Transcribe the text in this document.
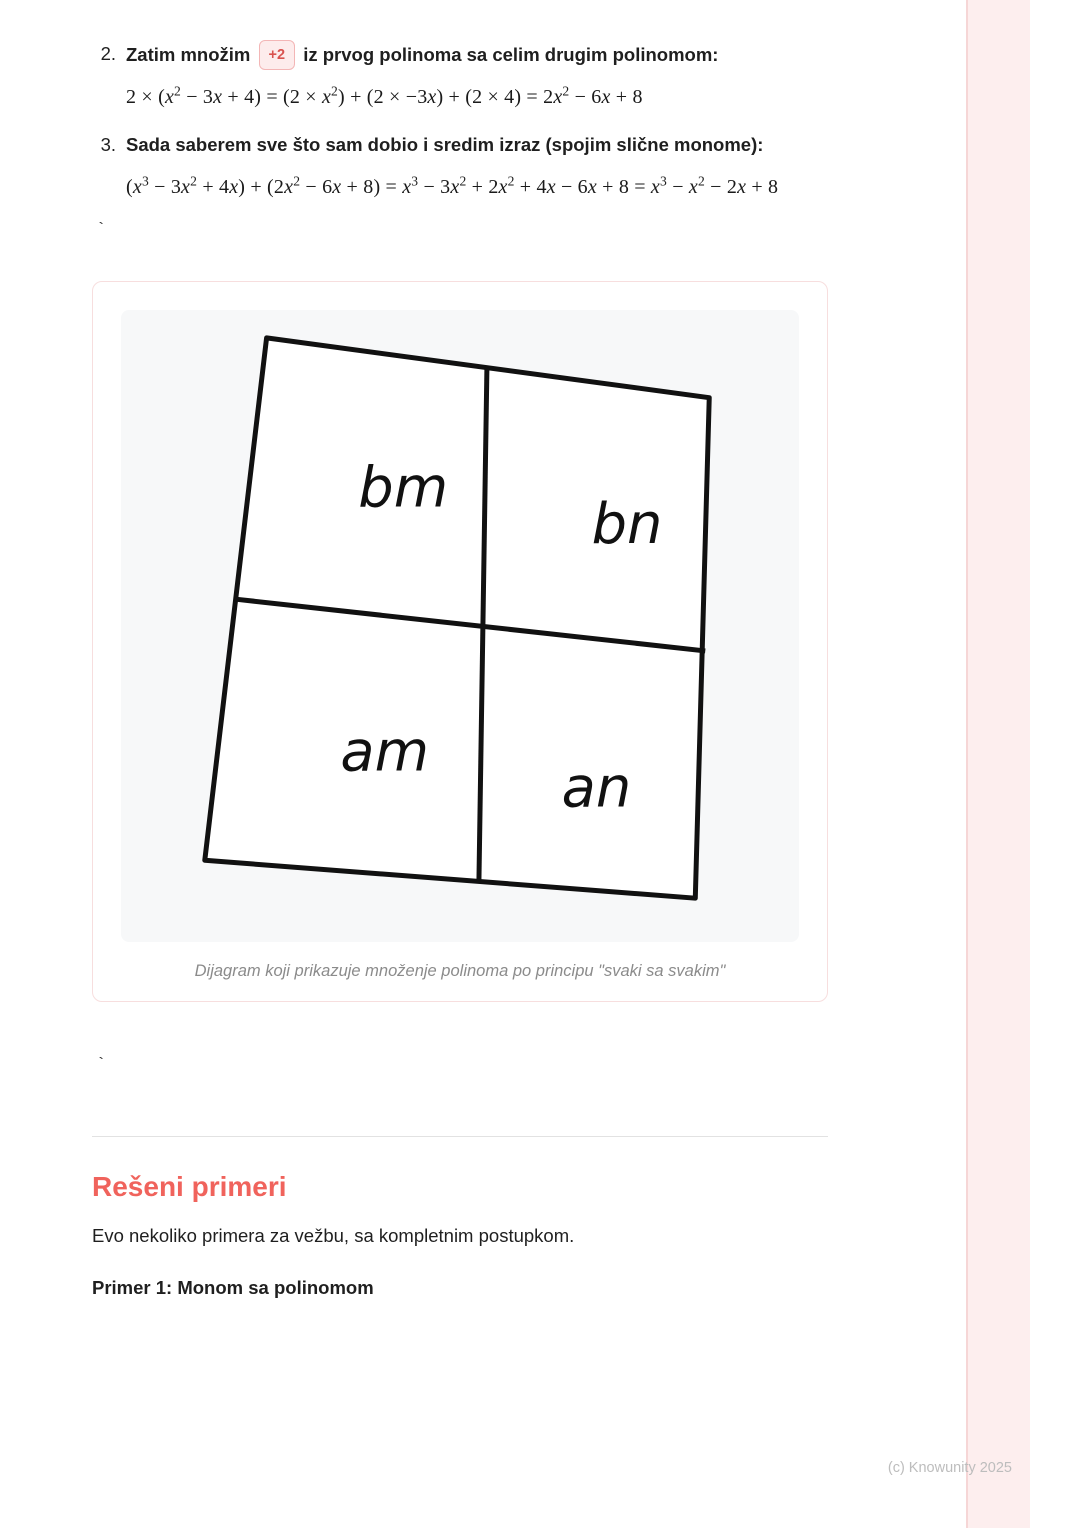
2. Zatim množim +2 iz prvog polinoma sa celim drugim polinomom:
$2 \times (x^2 - 3x + 4) = (2 \times x^2) + (2 \times -3x) + (2 \times 4) = 2x^2 - 6x + 8$
3. Sada saberem sve što sam dobio i sredim izraz (spojim slične monome):
$(x^3 - 3x^2 + 4x) + (2x^2 - 6x + 8) = x^3 - 3x^2 + 2x^2 + 4x - 6x + 8 = x^3 - x^2 - 2x + 8$
`
bm
bn
am
an
Dijagram koji prikazuje množenje polinoma po principu "svaki sa svakim"
`
Rešeni primeri
Evo nekoliko primera za vežbu, sa kompletnim postupkom.
Primer 1: Monom sa polinomom
(c) Knowunity 2025
